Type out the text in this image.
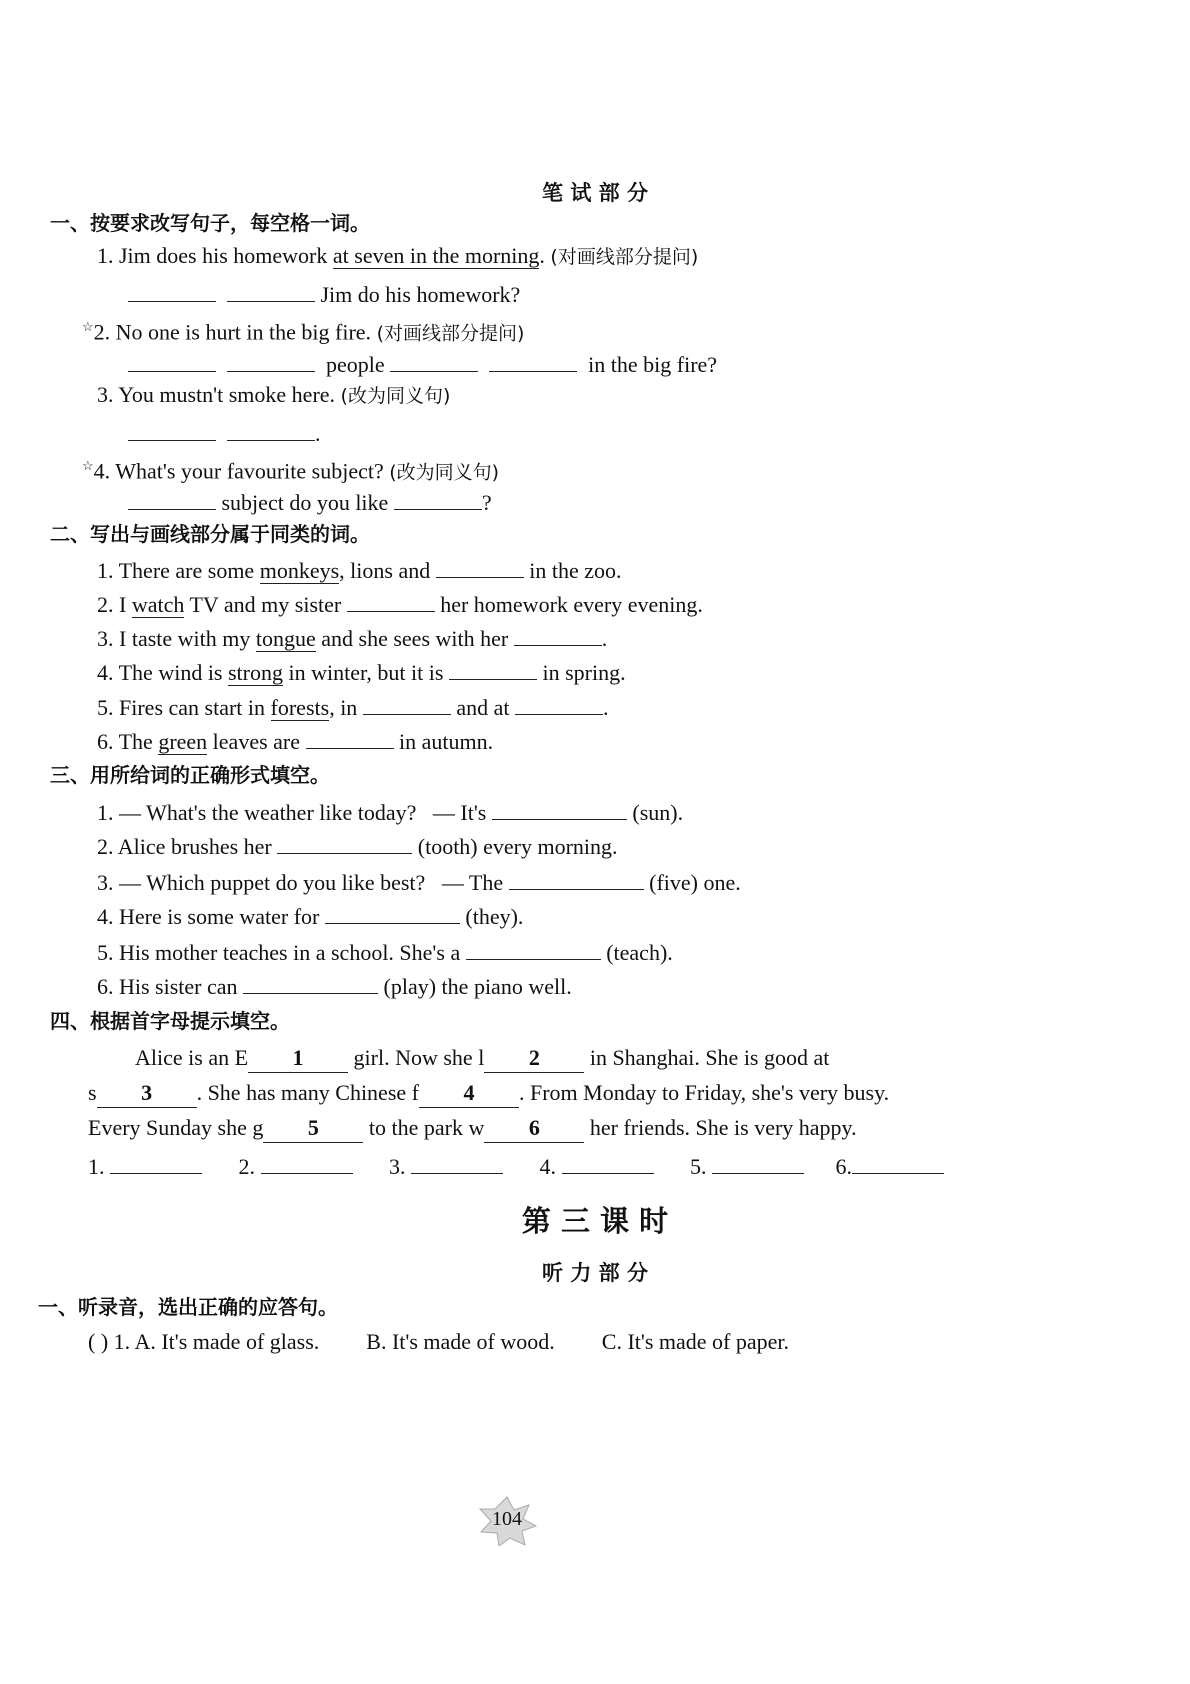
笔 试 部 分
一、按要求改写句子，每空格一词。
1. Jim does his homework at seven in the morning. (对画线部分提问)
Jim do his homework?
☆2. No one is hurt in the big fire. (对画线部分提问)
people	in the big fire?
3. You mustn't smoke here. (改为同义句)
.
☆4. What's your favourite subject? (改为同义句)
subject do you like	?
二、写出与画线部分属于同类的词。
1. There are some monkeys, lions and	in the zoo.
2. I watch TV and my sister	her homework every evening.
3. I taste with my tongue and she sees with her	.
4. The wind is strong in winter, but it is	in spring.
5. Fires can start in forests, in	and at	.
6. The green leaves are	in autumn.
三、用所给词的正确形式填空。
1. — What's the weather like today? — It's	(sun).
2. Alice brushes her	(tooth) every morning.
3. — Which puppet do you like best? — The	(five) one.
4. Here is some water for	(they).
5. His mother teaches in a school. She's a	(teach).
6. His sister can	(play) the piano well.
四、根据首字母提示填空。
Alice is an E 1 girl. Now she l 2 in Shanghai. She is good at
s 3 . She has many Chinese f 4 . From Monday to Friday, she's very busy.
Every Sunday she g 5 to the park w 6 her friends. She is very happy.
1.	2.	3.	4.	5.	6.
第 三 课 时
听 力 部 分
一、听录音，选出正确的应答句。
( ) 1. A. It's made of glass. B. It's made of wood. C. It's made of paper.
104
